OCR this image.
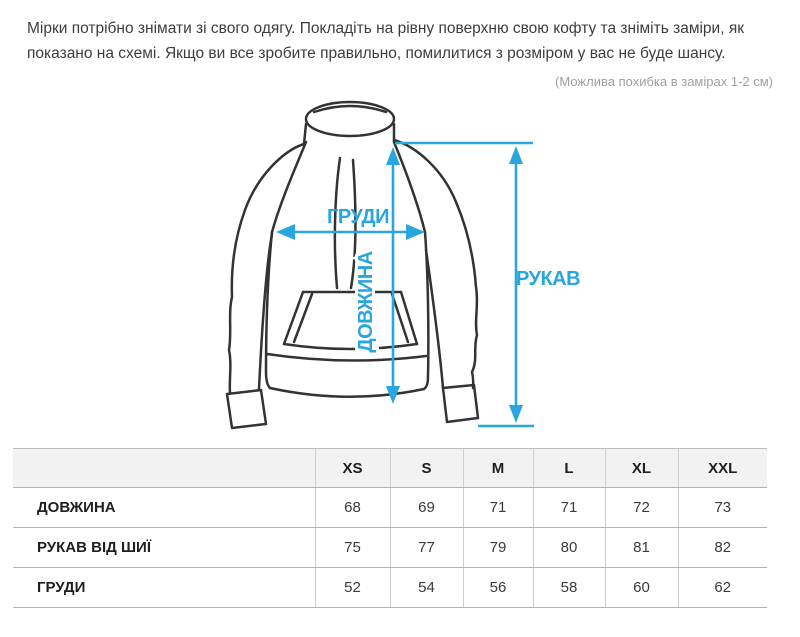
Мірки потрібно знімати зі свого одягу. Покладіть на рівну поверхню свою кофту та зніміть заміри, як
показано на схемі. Якщо ви все зробите правильно, помилитися з розміром у вас не буде шансу.
(Можлива похибка в замірах 1-2 см)
ГРУДИ
ДОВЖИНА	РУКАВ
	XS	S	M	L	XL	XXL
ДОВЖИНА	68	69	71	71	72	73
РУКАВ ВІД ШИЇ	75	77	79	80	81	82
ГРУДИ	52	54	56	58	60	62
